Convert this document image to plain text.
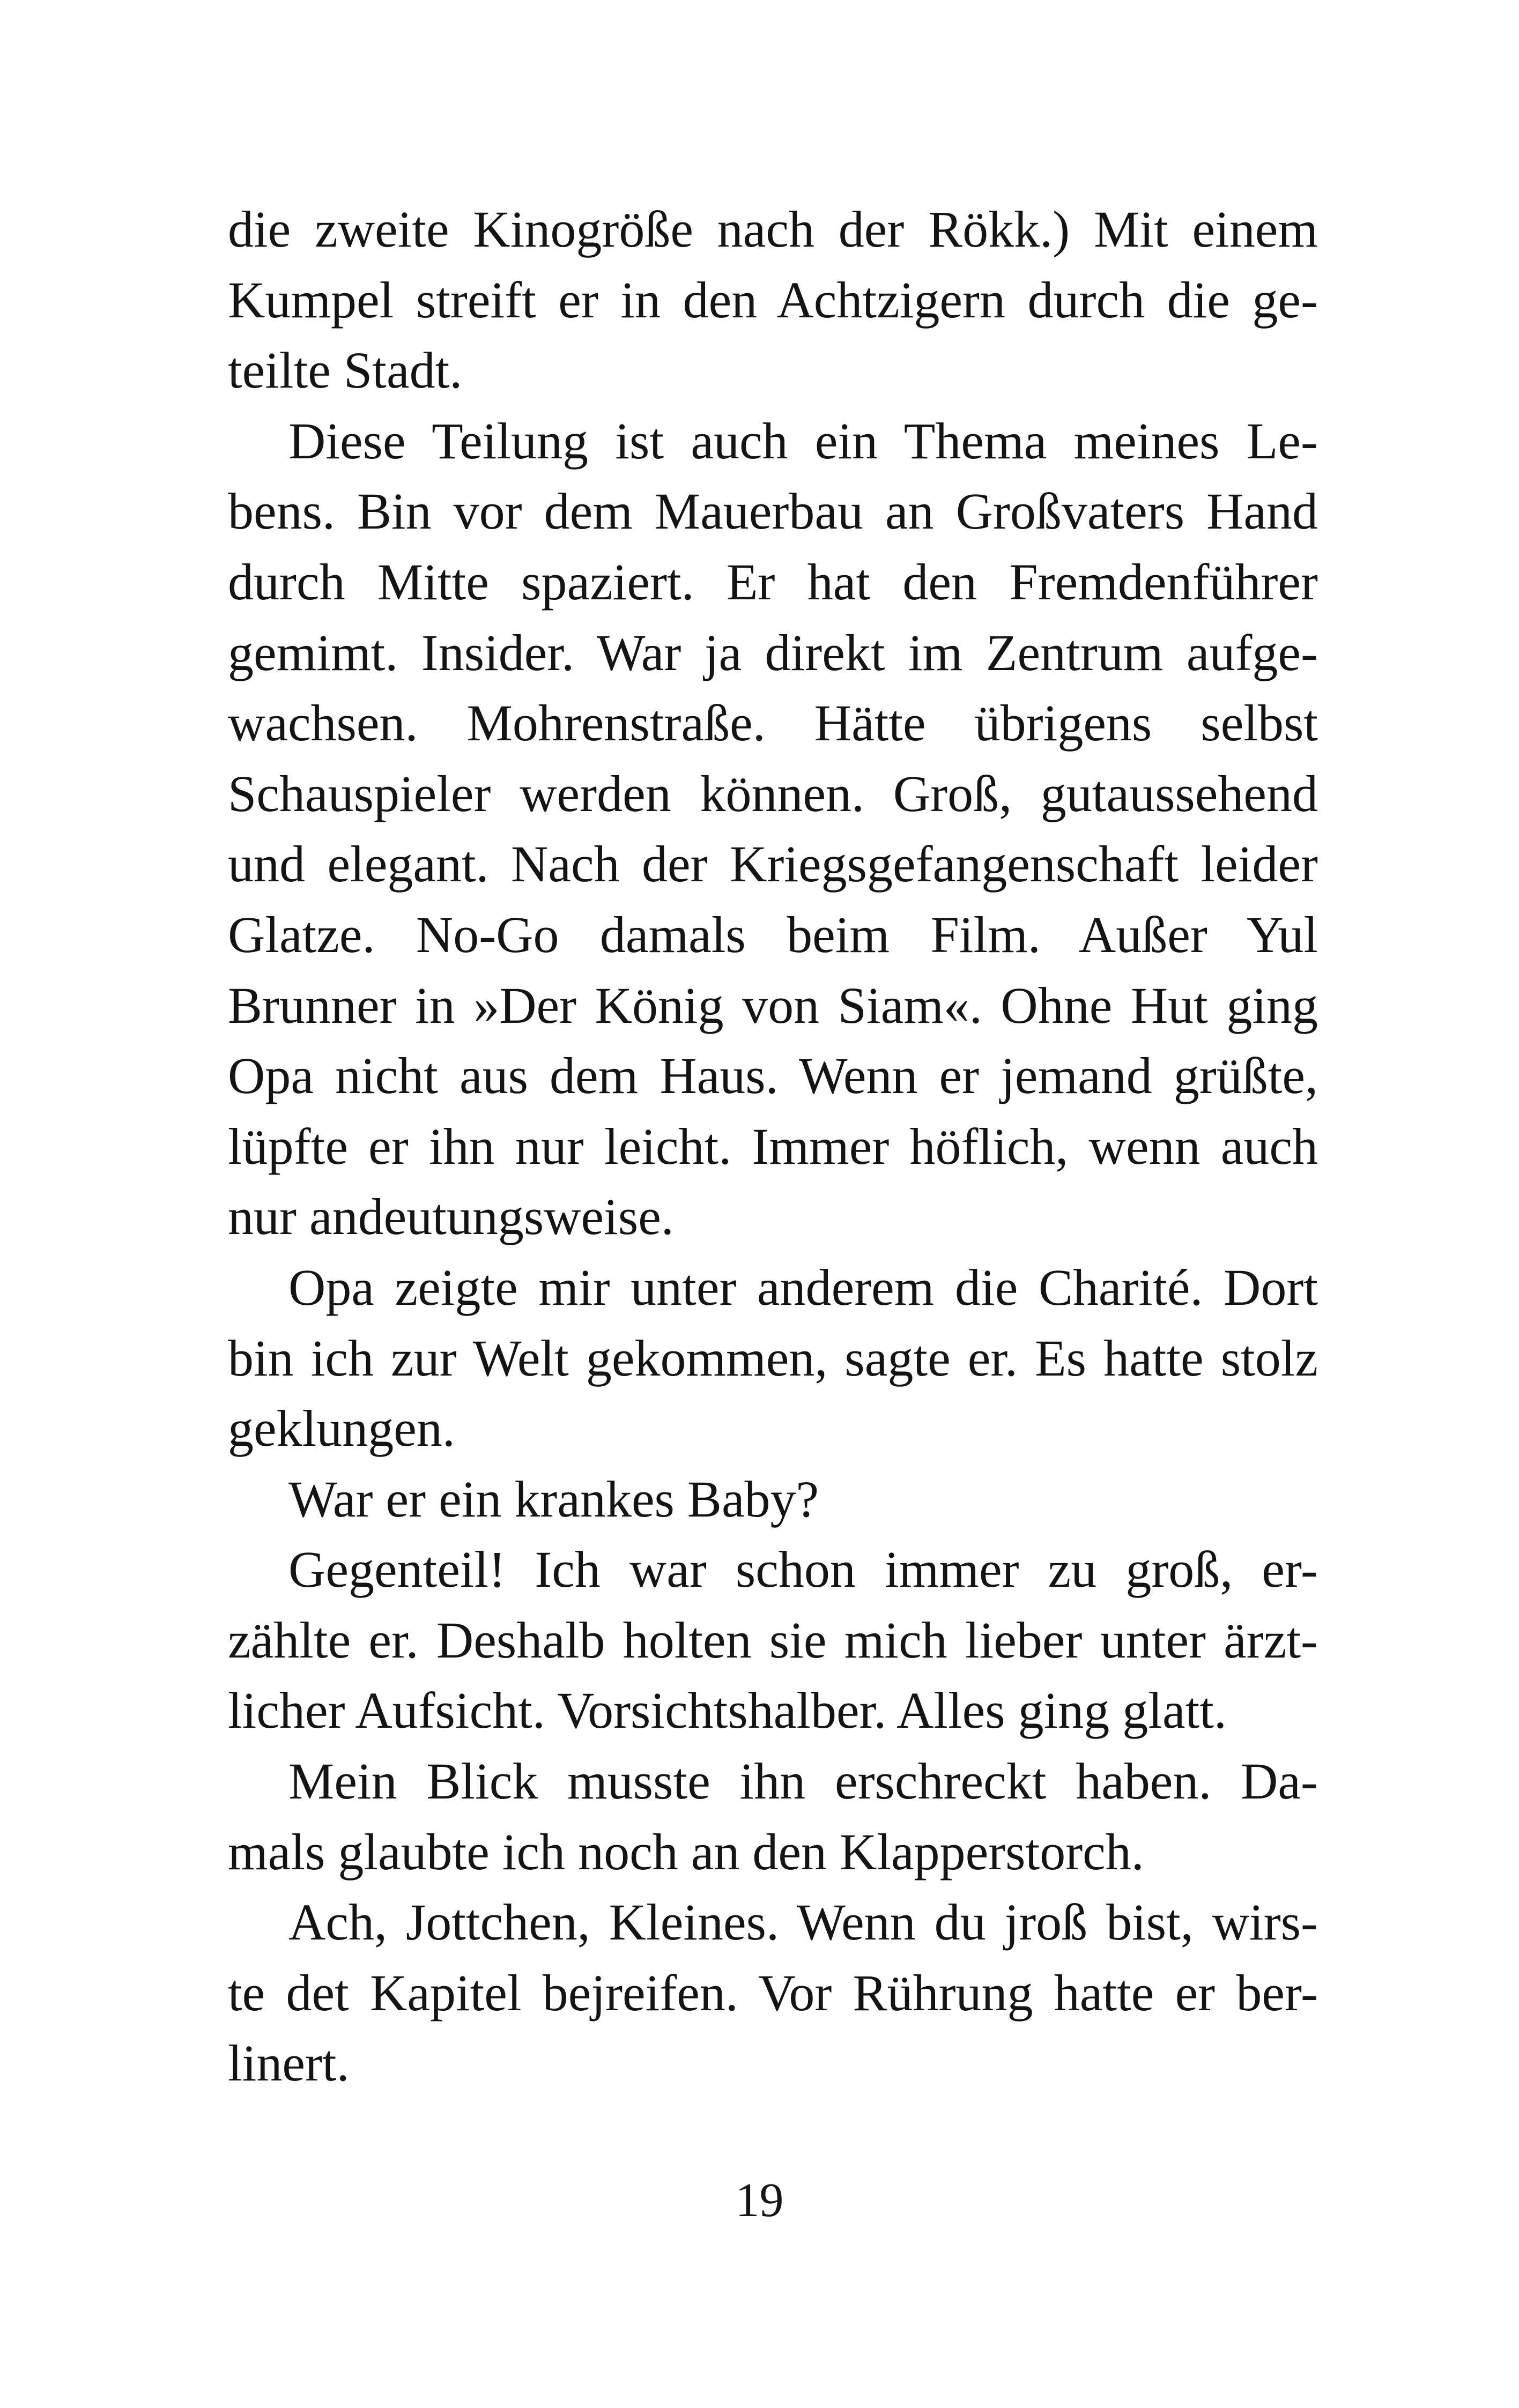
die zweite Kinogröße nach der Rökk.) Mit einem
Kumpel streift er in den Achtzigern durch die ge-
teilte Stadt.
Diese Teilung ist auch ein Thema meines Le-
bens. Bin vor dem Mauerbau an Großvaters Hand
durch Mitte spaziert. Er hat den Fremdenführer
gemimt. Insider. War ja direkt im Zentrum aufge-
wachsen. Mohrenstraße. Hätte übrigens selbst
Schauspieler werden können. Groß, gutaussehend
und elegant. Nach der Kriegsgefangenschaft leider
Glatze. No-Go damals beim Film. Außer Yul
Brunner in »Der König von Siam«. Ohne Hut ging
Opa nicht aus dem Haus. Wenn er jemand grüßte,
lüpfte er ihn nur leicht. Immer höflich, wenn auch
nur andeutungsweise.
Opa zeigte mir unter anderem die Charité. Dort
bin ich zur Welt gekommen, sagte er. Es hatte stolz
geklungen.
War er ein krankes Baby?
Gegenteil! Ich war schon immer zu groß, er-
zählte er. Deshalb holten sie mich lieber unter ärzt-
licher Aufsicht. Vorsichtshalber. Alles ging glatt.
Mein Blick musste ihn erschreckt haben. Da-
mals glaubte ich noch an den Klapperstorch.
Ach, Jottchen, Kleines. Wenn du jroß bist, wirs-
te det Kapitel bejreifen. Vor Rührung hatte er ber-
linert.
19
